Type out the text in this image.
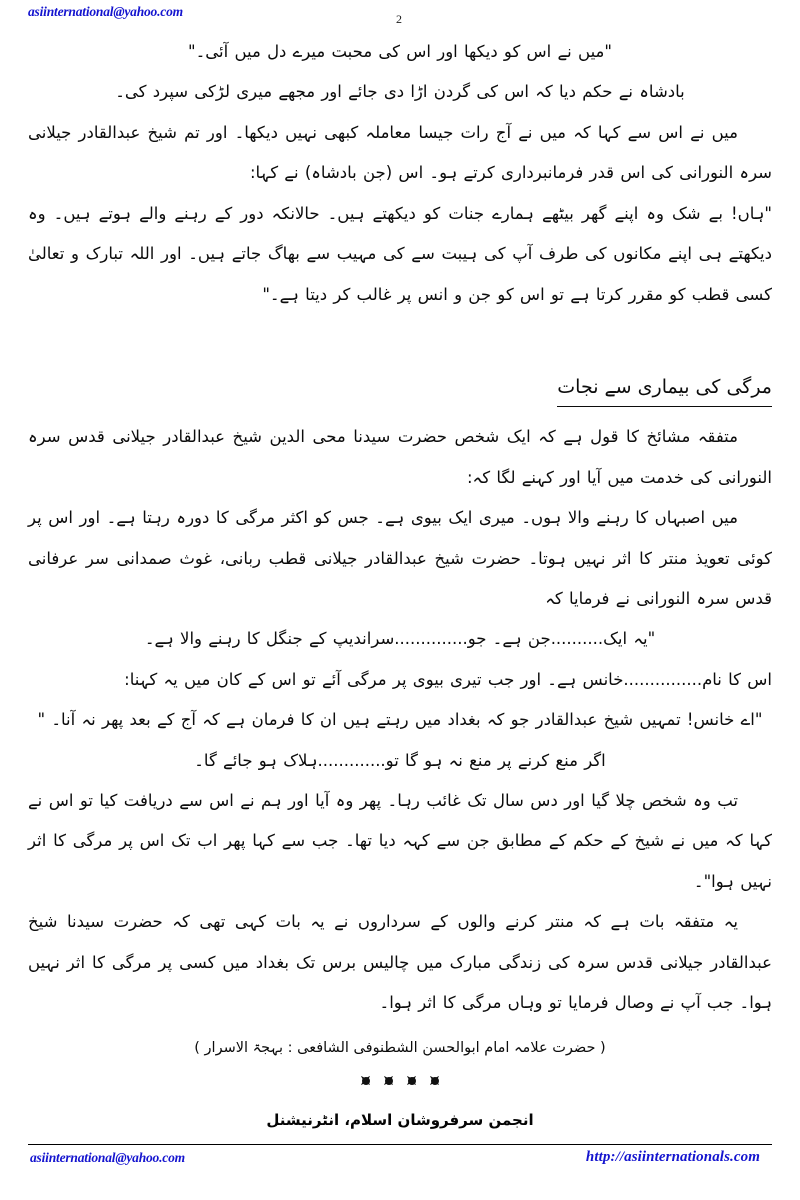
asiinternational@yahoo.com	2
"میں نے اس کو دیکھا اور اس کی محبت میرے دل میں آئی۔"
بادشاہ نے حکم دیا کہ اس کی گردن اڑا دی جائے اور مجھے میری لڑکی سپرد کی۔
میں نے اس سے کہا کہ میں نے آج رات جیسا معاملہ کبھی نہیں دیکھا۔ اور تم شیخ عبدالقادر جیلانی سرہ النورانی کی اس قدر فرمانبرداری کرتے ہو۔ اس (جن بادشاہ) نے کہا:
"ہاں! بے شک وہ اپنے گھر بیٹھے ہمارے جنات کو دیکھتے ہیں۔ حالانکہ دور کے رہنے والے ہوتے ہیں۔ وہ دیکھتے ہی اپنے مکانوں کی طرف آپ کی ہیبت سے کی مہیب سے بھاگ جاتے ہیں۔ اور اللہ تبارک و تعالیٰ کسی قطب کو مقرر کرتا ہے تو اس کو جن و انس پر غالب کر دیتا ہے۔"
مرگی کی بیماری سے نجات
متفقہ مشائخ کا قول ہے کہ ایک شخص حضرت سیدنا محی الدین شیخ عبدالقادر جیلانی قدس سرہ النورانی کی خدمت میں آیا اور کہنے لگا کہ:
میں اصبہاں کا رہنے والا ہوں۔ میری ایک بیوی ہے۔ جس کو اکثر مرگی کا دورہ رہتا ہے۔ اور اس پر کوئی تعویذ منتر کا اثر نہیں ہوتا۔ حضرت شیخ عبدالقادر جیلانی قطب ربانی، غوث صمدانی سر عرفانی قدس سرہ النورانی نے فرمایا کہ
"یہ ایک..........جن ہے۔ جو..............سراندیپ کے جنگل کا رہنے والا ہے۔
اس کا نام...............خانس ہے۔ اور جب تیری بیوی پر مرگی آئے تو اس کے کان میں یہ کہنا:
"اے خانس! تمہیں شیخ عبدالقادر جو کہ بغداد میں رہتے ہیں ان کا فرمان ہے کہ آج کے بعد پھر نہ آنا۔ "
اگر منع کرنے پر منع نہ ہو گا تو.............ہلاک ہو جائے گا۔
تب وہ شخص چلا گیا اور دس سال تک غائب رہا۔ پھر وہ آیا اور ہم نے اس سے دریافت کیا تو اس نے کہا کہ میں نے شیخ کے حکم کے مطابق جن سے کہہ دیا تھا۔ جب سے کہا پھر اب تک اس پر مرگی کا اثر نہیں ہوا"۔
یہ متفقہ بات ہے کہ منتر کرنے والوں کے سرداروں نے یہ بات کہی تھی کہ حضرت سیدنا شیخ عبدالقادر جیلانی قدس سرہ کی زندگی مبارک میں چالیس برس تک بغداد میں کسی پر مرگی کا اثر نہیں ہوا۔ جب آپ نے وصال فرمایا تو وہاں مرگی کا اثر ہوا۔
( حضرت علامہ امام ابوالحسن الشطنوفی الشافعی : بہجۃ الاسرار )

انجمن سرفروشان اسلام، انٹرنیشنل
asiinternational@yahoo.com	http://asiinternationals.com
